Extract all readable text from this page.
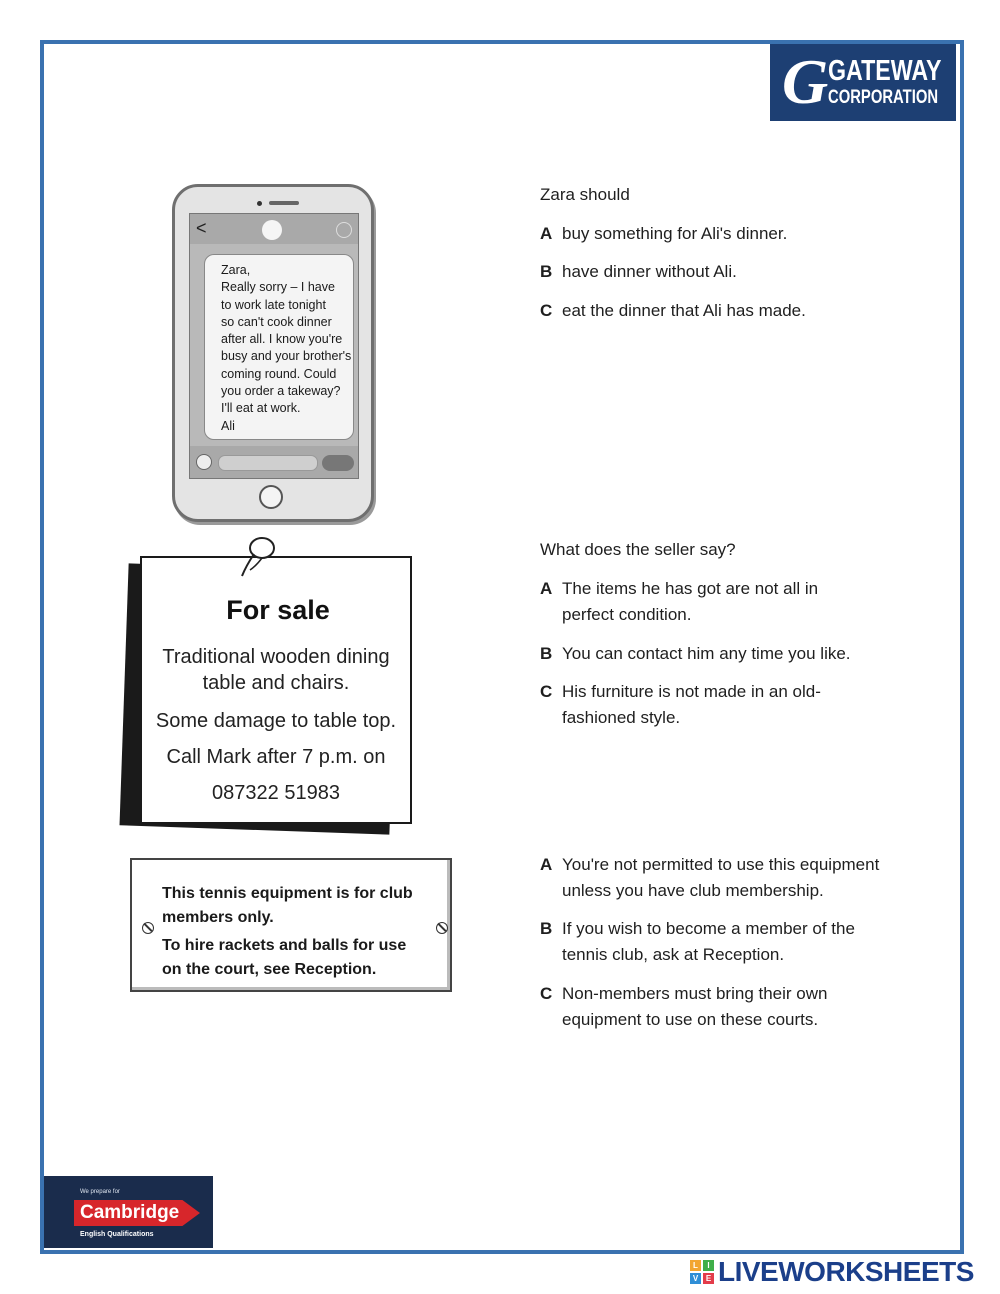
G GATEWAY
CORPORATION
<
Zara,
Really sorry – I have
to work late tonight
so can't cook dinner
after all. I know you're
busy and your brother's
coming round. Could
you order a takeway?
I'll eat at work.
Ali
Zara should
A buy something for Ali's dinner.
B have dinner without Ali.
C eat the dinner that Ali has made.
For sale
Traditional wooden dining
table and chairs.
Some damage to table top.
Call Mark after 7 p.m. on
087322 51983
What does the seller say?
A The items he has got are not all in
perfect condition.
B You can contact him any time you like.
C His furniture is not made in an old-
fashioned style.
This tennis equipment is for club
members only.
To hire rackets and balls for use
on the court, see Reception.
A You're not permitted to use this equipment
unless you have club membership.
B If you wish to become a member of the
tennis club, ask at Reception.
C Non-members must bring their own
equipment to use on these courts.
We prepare for
Cambridge
English Qualifications
L	I
V E LIVEWORKSHEETS
